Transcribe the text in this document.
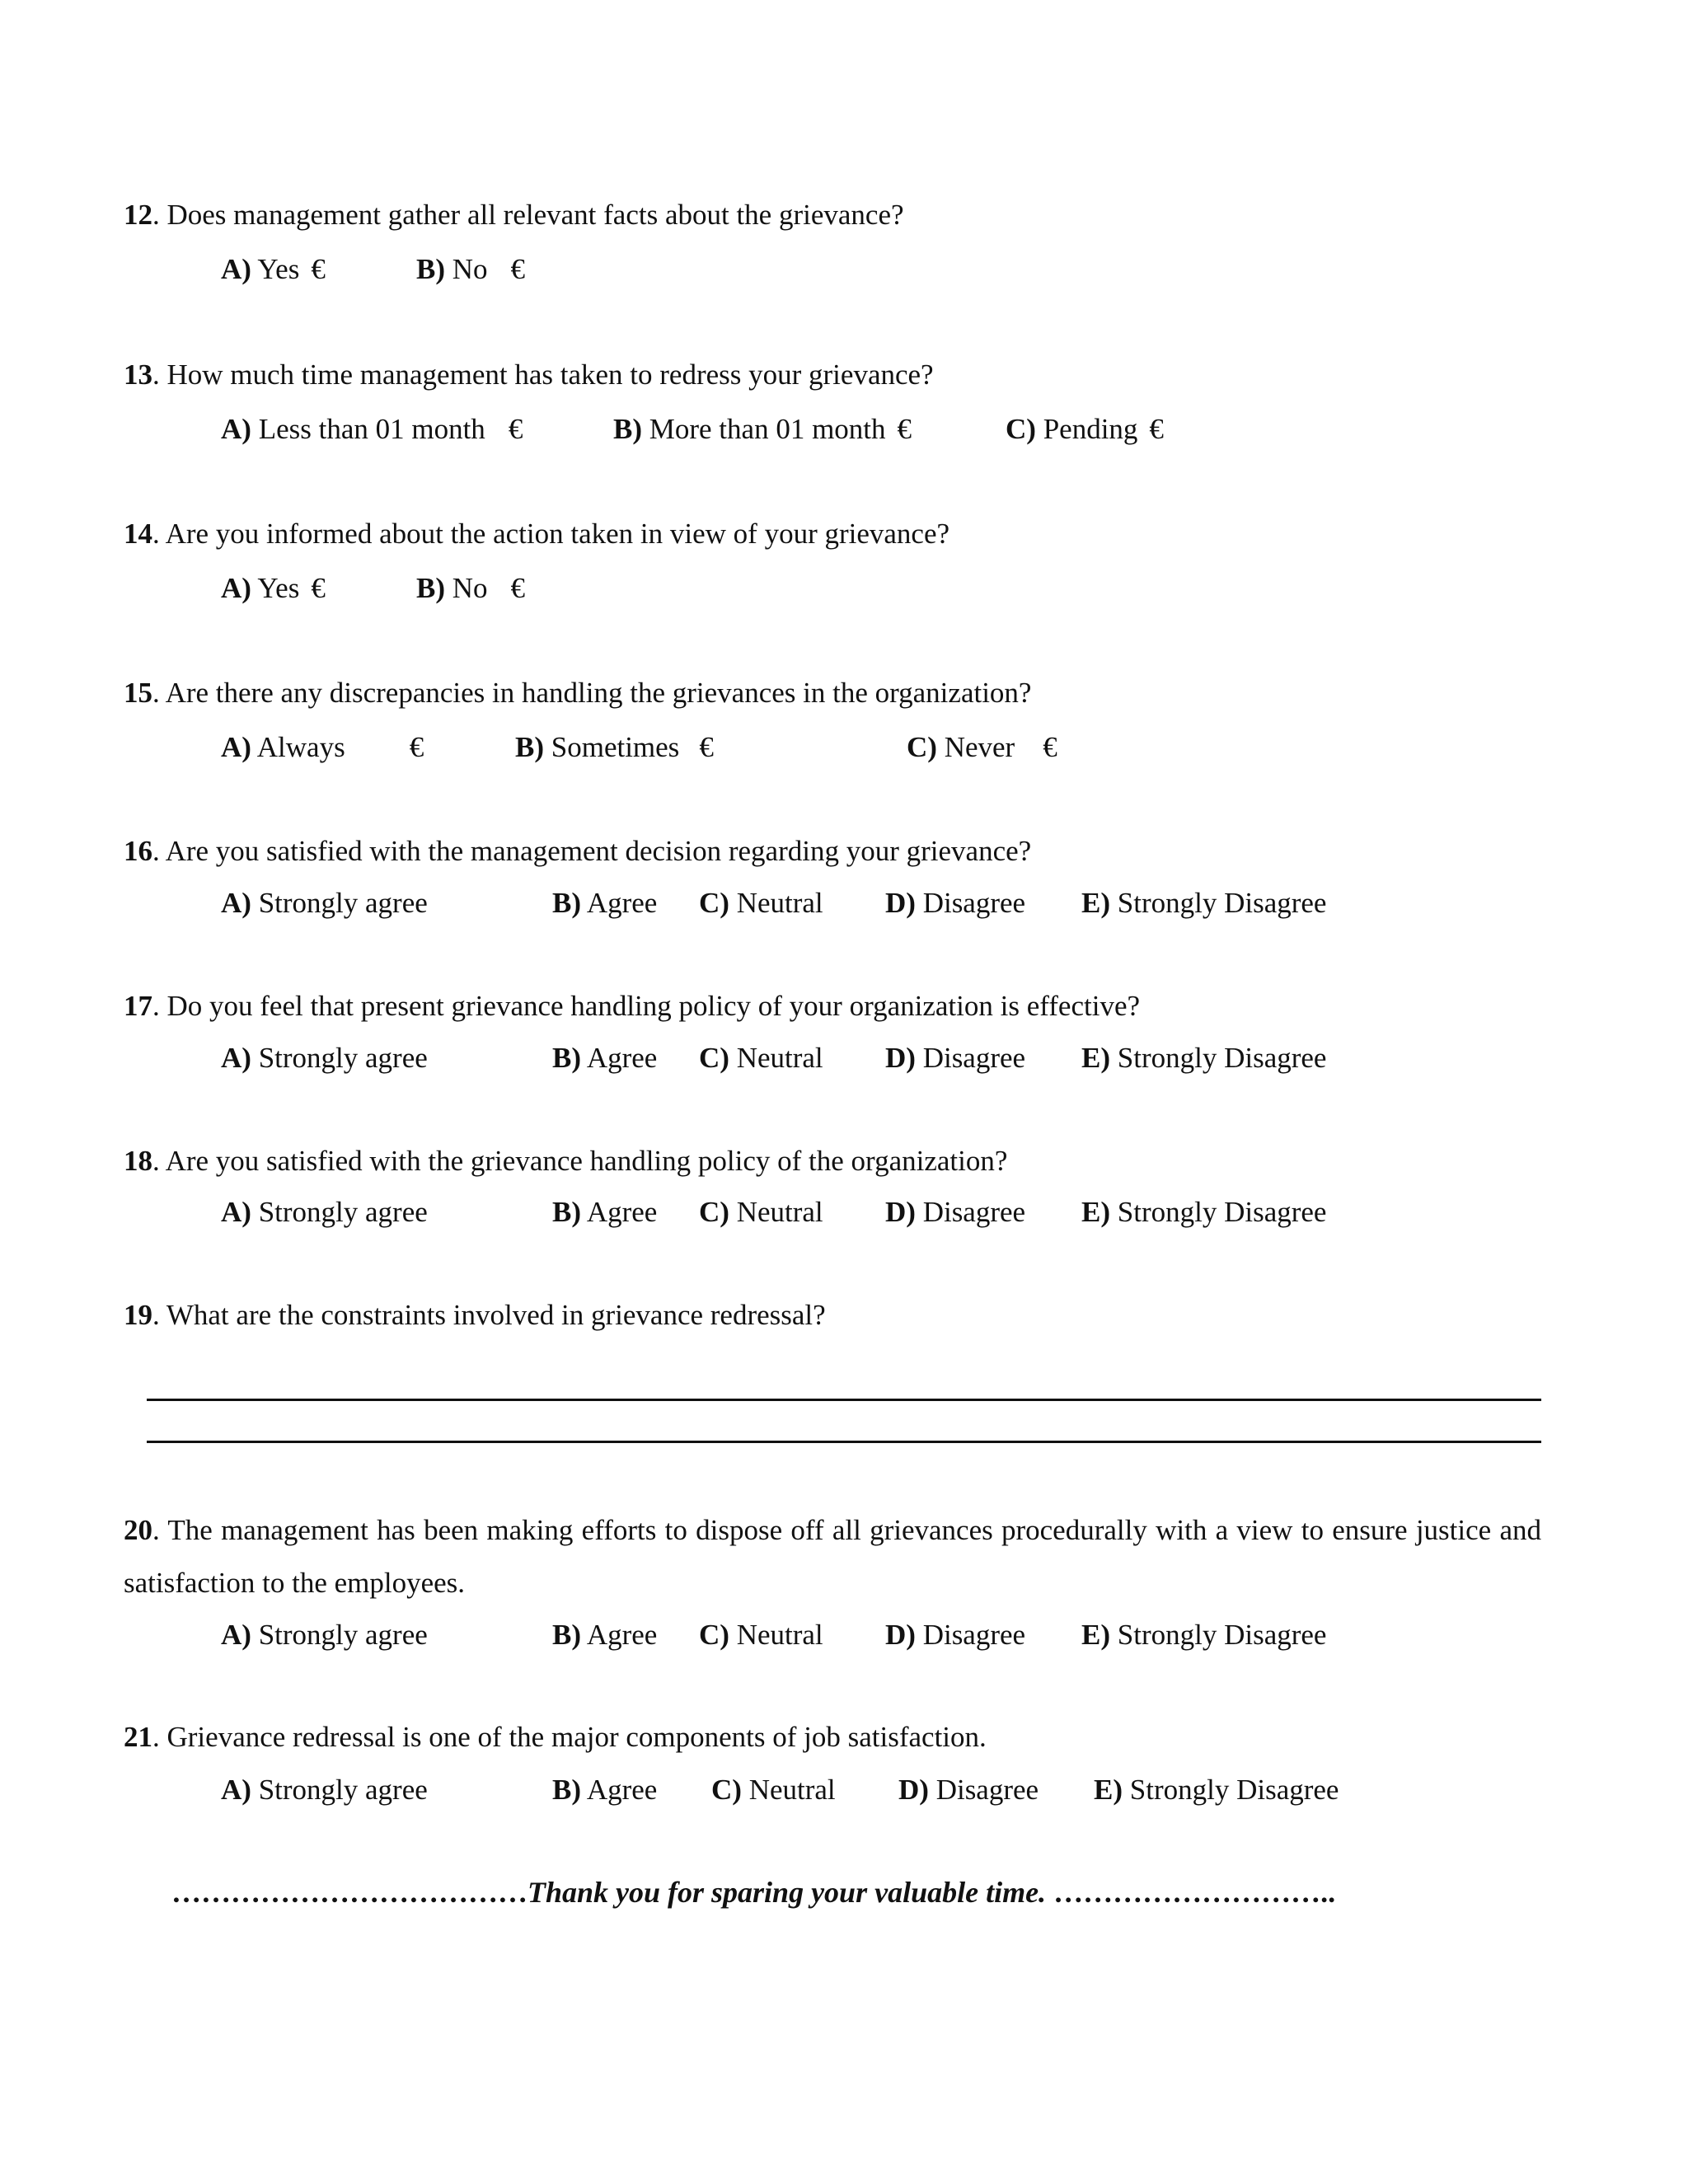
12. Does management gather all relevant facts about the grievance?
A) Yes €	B) No €
13. How much time management has taken to redress your grievance?
A) Less than 01 month €	B) More than 01 month €	C) Pending €
14. Are you informed about the action taken in view of your grievance?
A) Yes €	B) No €
15. Are there any discrepancies in handling the grievances in the organization?
A) Always €	B) Sometimes €	C) Never €
16. Are you satisfied with the management decision regarding your grievance?
A) Strongly agree	B) Agree C) Neutral D) Disagree E) Strongly Disagree
17. Do you feel that present grievance handling policy of your organization is effective?
A) Strongly agree	B) Agree C) Neutral D) Disagree E) Strongly Disagree
18. Are you satisfied with the grievance handling policy of the organization?
A) Strongly agree	B) Agree C) Neutral D) Disagree E) Strongly Disagree
19. What are the constraints involved in grievance redressal?
20. The management has been making efforts to dispose off all grievances procedurally with a view to ensure justice and satisfaction to the employees.
A) Strongly agree	B) Agree C) Neutral D) Disagree E) Strongly Disagree
21. Grievance redressal is one of the major components of job satisfaction.
A) Strongly agree	B) Agree C) Neutral D) Disagree E) Strongly Disagree
………………………………Thank you for sparing your valuable time. ………………………..
